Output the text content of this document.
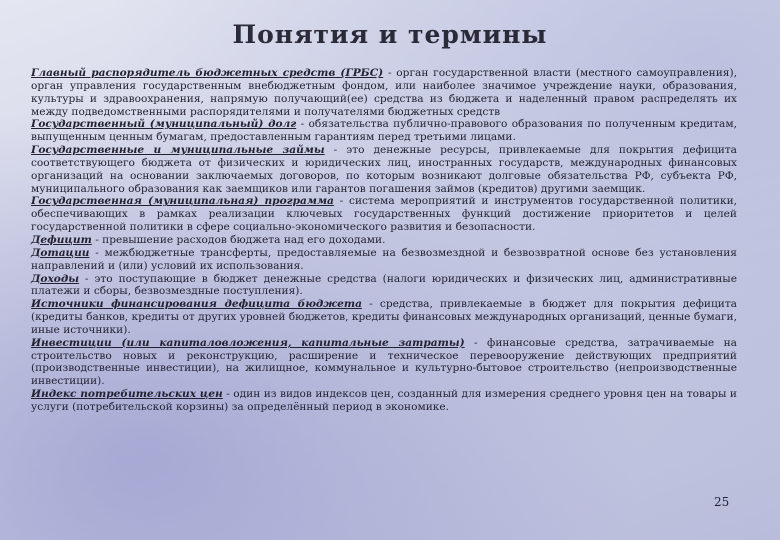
Понятия и термины

Главный распорядитель бюджетных средств (ГРБС) - орган государственной власти (местного самоуправления), орган управления государственным внебюджетным фондом, или наиболее значимое учреждение науки, образования, культуры и здравоохранения, напрямую получающий(ее) средства из бюджета и наделенный правом распределять их между подведомственными распорядителями и получателями бюджетных средств

Государственный (муниципальный) долг - обязательства публично-правового образования по полученным кредитам, выпущенным ценным бумагам, предоставленным гарантиям перед третьими лицами.

Государственные и муниципальные займы - это денежные ресурсы, привлекаемые для покрытия дефицита соответствующего бюджета от физических и юридических лиц, иностранных государств, международных финансовых организаций на основании заключаемых договоров, по которым возникают долговые обязательства РФ, субъекта РФ, муниципального образования как заемщиков или гарантов погашения займов (кредитов) другими заемщик.

Государственная (муниципальная) программа - система мероприятий и инструментов государственной политики, обеспечивающих в рамках реализации ключевых государственных функций достижение приоритетов и целей государственной политики в сфере социально-экономического развития и безопасности.

Дефицит - превышение расходов бюджета над его доходами.

Дотации - межбюджетные трансферты, предоставляемые на безвозмездной и безвозвратной основе без установления направлений и (или) условий их использования.

Доходы - это поступающие в бюджет денежные средства (налоги юридических и физических лиц, административные платежи и сборы, безвозмездные поступления).

Источники финансирования дефицита бюджета - средства, привлекаемые в бюджет для покрытия дефицита (кредиты банков, кредиты от других уровней бюджетов, кредиты финансовых международных организаций, ценные бумаги, иные источники).

Инвестиции (или капиталовложения, капитальные затраты) - финансовые средства, затрачиваемые на строительство новых и реконструкцию, расширение и техническое перевооружение действующих предприятий (производственные инвестиции), на жилищное, коммунальное и культурно-бытовое строительство (непроизводственные инвестиции).

Индекс потребительских цен - один из видов индексов цен, созданный для измерения среднего уровня цен на товары и услуги (потребительской корзины) за определённый период в экономике.

25
